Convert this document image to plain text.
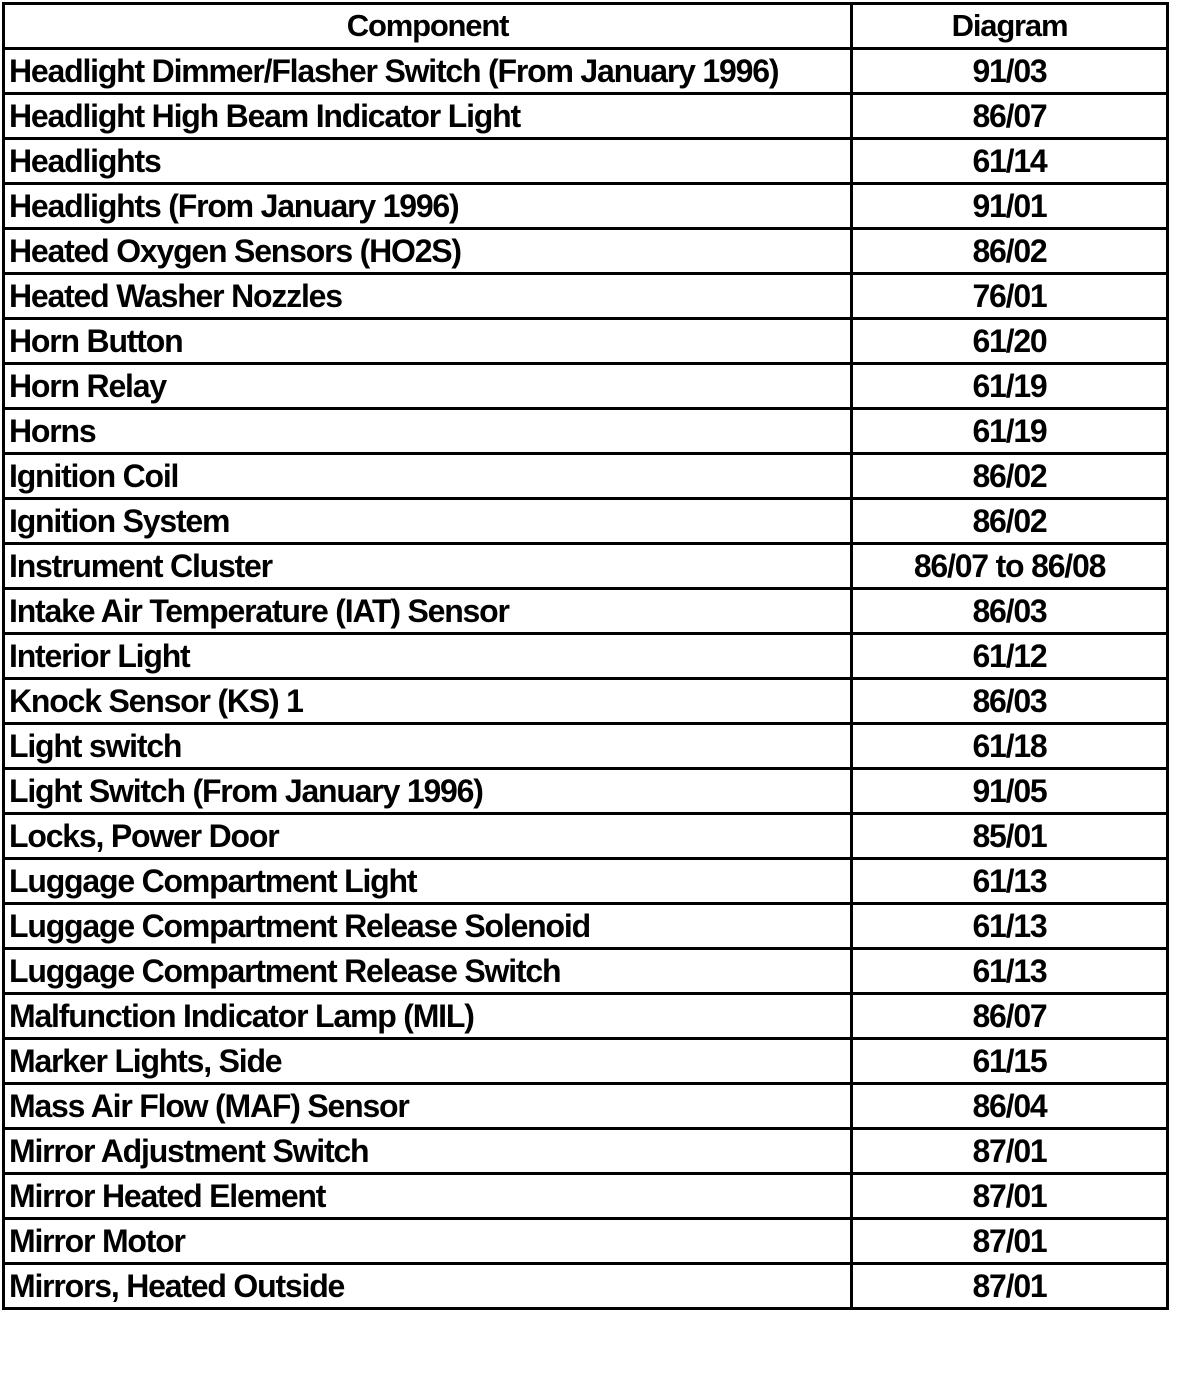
Component	Diagram
Headlight Dimmer/Flasher Switch (From January 1996)	91/03
Headlight High Beam Indicator Light	86/07
Headlights	61/14
Headlights (From January 1996)	91/01
Heated Oxygen Sensors (HO2S)	86/02
Heated Washer Nozzles	76/01
Horn Button	61/20
Horn Relay	61/19
Horns	61/19
Ignition Coil	86/02
Ignition System	86/02
Instrument Cluster	86/07 to 86/08
Intake Air Temperature (IAT) Sensor	86/03
Interior Light	61/12
Knock Sensor (KS) 1	86/03
Light switch	61/18
Light Switch (From January 1996)	91/05
Locks, Power Door	85/01
Luggage Compartment Light	61/13
Luggage Compartment Release Solenoid	61/13
Luggage Compartment Release Switch	61/13
Malfunction Indicator Lamp (MIL)	86/07
Marker Lights, Side	61/15
Mass Air Flow (MAF) Sensor	86/04
Mirror Adjustment Switch	87/01
Mirror Heated Element	87/01
Mirror Motor	87/01
Mirrors, Heated Outside	87/01
